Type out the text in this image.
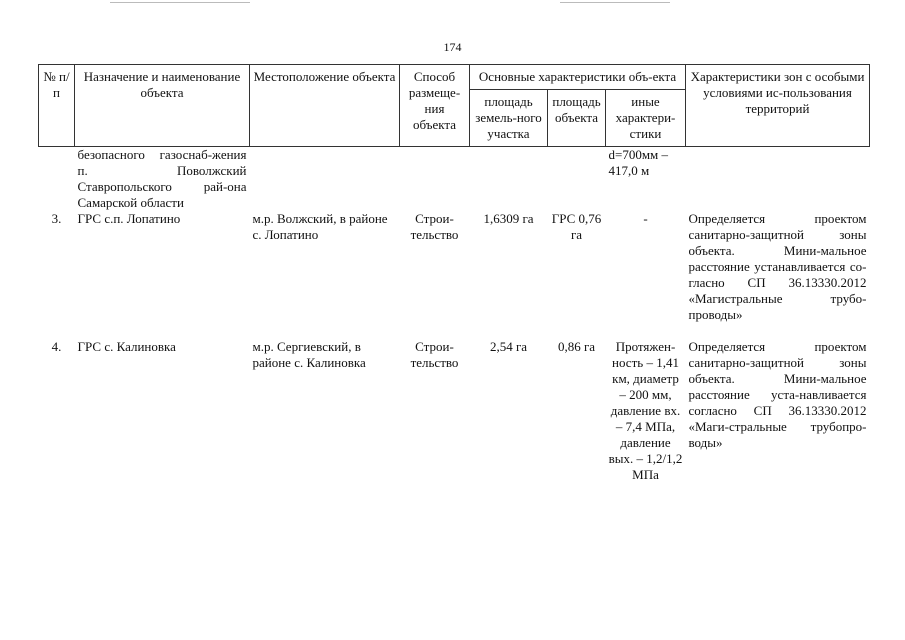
174
№ п/п	Назначение и наименование объекта	Местоположение объекта	Способ размеще-ния объекта	Основные характеристики объ-екта			Характеристики зон с особыми условиями ис-пользования территорий
				площадь земель-ного участка	площадь объекта	иные характери-стики	
	безопасного газоснаб-жения п. Поволжский Ставропольского рай-она Самарской области					d=700мм – 417,0 м	
3.	ГРС с.п. Лопатино	м.р. Волжский, в районе с. Лопатино	Строи-тельство	1,6309 га	ГРС 0,76 га	-	Определяется проектом санитарно-защитной зоны объекта. Мини-мальное расстояние устанавливается со-гласно СП 36.13330.2012 «Магистральные трубо-проводы»
4.	ГРС с. Калиновка	м.р. Сергиевский, в районе с. Калиновка	Строи-тельство	2,54 га	0,86 га	Протяжен-ность – 1,41 км, диаметр – 200 мм, давление вх. – 7,4 МПа, давление вых. – 1,2/1,2 МПа	Определяется проектом санитарно-защитной зоны объекта. Мини-мальное расстояние уста-навливается согласно СП 36.13330.2012 «Маги-стральные трубопро-воды»
